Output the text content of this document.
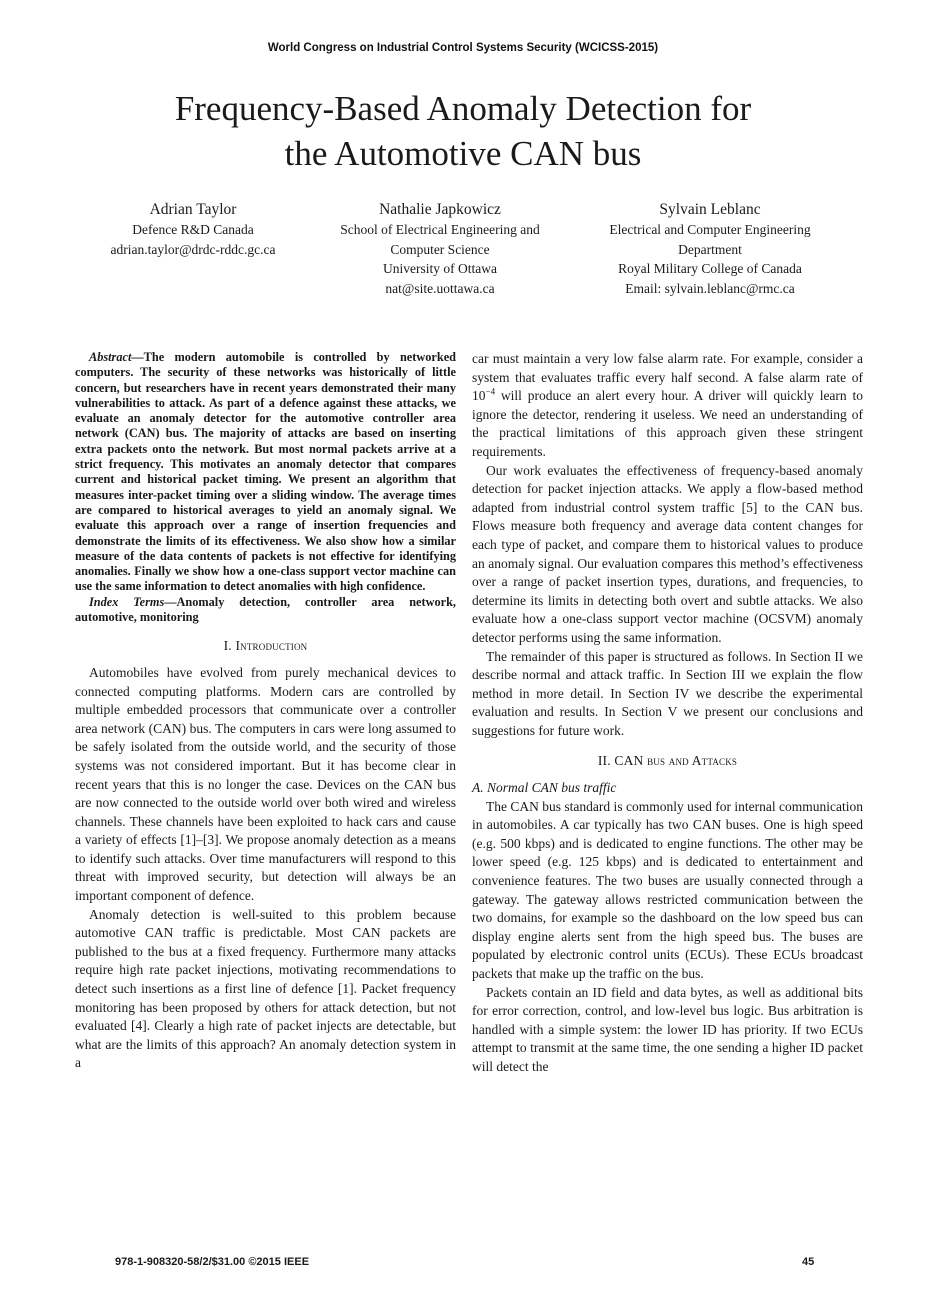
World Congress on Industrial Control Systems Security (WCICSS-2015)
Frequency-Based Anomaly Detection for
the Automotive CAN bus
Adrian Taylor
Defence R&D Canada
adrian.taylor@drdc-rddc.gc.ca
Nathalie Japkowicz
School of Electrical Engineering and
Computer Science
University of Ottawa
nat@site.uottawa.ca
Sylvain Leblanc
Electrical and Computer Engineering
Department
Royal Military College of Canada
Email: sylvain.leblanc@rmc.ca

Abstract—The modern automobile is controlled by networked computers. The security of these networks was historically of little concern, but researchers have in recent years demonstrated their many vulnerabilities to attack. As part of a defence against these attacks, we evaluate an anomaly detector for the automotive controller area network (CAN) bus. The majority of attacks are based on inserting extra packets onto the network. But most normal packets arrive at a strict frequency. This motivates an anomaly detector that compares current and historical packet timing. We present an algorithm that measures inter-packet timing over a sliding window. The average times are compared to historical averages to yield an anomaly signal. We evaluate this approach over a range of insertion frequencies and demonstrate the limits of its effectiveness. We also show how a similar measure of the data contents of packets is not effective for identifying anomalies. Finally we show how a one-class support vector machine can use the same information to detect anomalies with high confidence.

Index Terms—Anomaly detection, controller area network, automotive, monitoring

I. Introduction

Automobiles have evolved from purely mechanical devices to connected computing platforms. Modern cars are controlled by multiple embedded processors that communicate over a controller area network (CAN) bus. The computers in cars were long assumed to be safely isolated from the outside world, and the security of those systems was not considered important. But it has become clear in recent years that this is no longer the case. Devices on the CAN bus are now connected to the outside world over both wired and wireless channels. These channels have been exploited to hack cars and cause a variety of effects [1]–[3]. We propose anomaly detection as a means to identify such attacks. Over time manufacturers will respond to this threat with improved security, but detection will always be an important component of defence.

Anomaly detection is well-suited to this problem because automotive CAN traffic is predictable. Most CAN packets are published to the bus at a fixed frequency. Furthermore many attacks require high rate packet injections, motivating recommendations to detect such insertions as a first line of defence [1]. Packet frequency monitoring has been proposed by others for attack detection, but not evaluated [4]. Clearly a high rate of packet injects are detectable, but what are the limits of this approach? An anomaly detection system in a

car must maintain a very low false alarm rate. For example, consider a system that evaluates traffic every half second. A false alarm rate of $10^{-4}$ will produce an alert every hour. A driver will quickly learn to ignore the detector, rendering it useless. We need an understanding of the practical limitations of this approach given these stringent requirements.

Our work evaluates the effectiveness of frequency-based anomaly detection for packet injection attacks. We apply a flow-based method adapted from industrial control system traffic [5] to the CAN bus. Flows measure both frequency and average data content changes for each type of packet, and compare them to historical values to produce an anomaly signal. Our evaluation compares this method’s effectiveness over a range of packet insertion types, durations, and frequencies, to determine its limits in detecting both overt and subtle attacks. We also evaluate how a one-class support vector machine (OCSVM) anomaly detector performs using the same information.

The remainder of this paper is structured as follows. In Section II we describe normal and attack traffic. In Section III we explain the flow method in more detail. In Section IV we describe the experimental evaluation and results. In Section V we present our conclusions and suggestions for future work.

II. CAN bus and Attacks

A. Normal CAN bus traffic

The CAN bus standard is commonly used for internal communication in automobiles. A car typically has two CAN buses. One is high speed (e.g. 500 kbps) and is dedicated to engine functions. The other may be lower speed (e.g. 125 kbps) and is dedicated to entertainment and convenience features. The two buses are usually connected through a gateway. The gateway allows restricted communication between the two domains, for example so the dashboard on the low speed bus can display engine alerts sent from the high speed bus. The buses are populated by electronic control units (ECUs). These ECUs broadcast packets that make up the traffic on the bus.

Packets contain an ID field and data bytes, as well as additional bits for error correction, control, and low-level bus logic. Bus arbitration is handled with a simple system: the lower ID has priority. If two ECUs attempt to transmit at the same time, the one sending a higher ID packet will detect the

978-1-908320-58/2/$31.00 ©2015 IEEE	45
